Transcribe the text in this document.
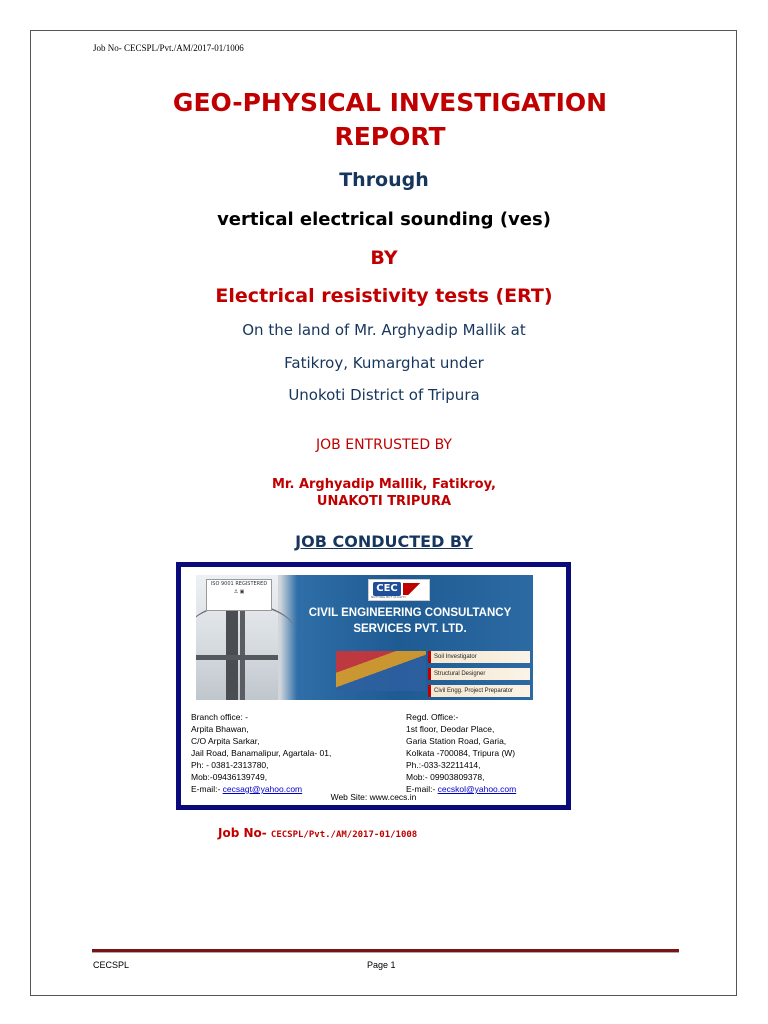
Job No- CECSPL/Pvt./AM/2017-01/1006
GEO-PHYSICAL INVESTIGATION
REPORT
Through
vertical electrical sounding (ves)
BY
Electrical resistivity tests (ERT)
On the land of Mr. Arghyadip Mallik at
Fatikroy, Kumarghat under
Unokoti District of Tripura
JOB ENTRUSTED BY
Mr. Arghyadip Mallik, Fatikroy,
UNAKOTI TRIPURA
JOB CONDUCTED BY
ISO 9001 REGISTERED
⚓ ▣	CEC
NOTHING BUT QUALITY
CIVIL ENGINEERING CONSULTANCY
SERVICES PVT. LTD.
Soil Investigator
Structural Designer
Civil Engg. Project Preparator
Branch office: -
Arpita Bhawan,
C/O Arpita Sarkar,
Jail Road, Banamalipur, Agartala- 01,
Ph: - 0381-2313780,
Mob:-09436139749,
E-mail:- cecsagt@yahoo.com
Regd. Office:-
1st floor, Deodar Place,
Garia Station Road, Garia,
Kolkata -700084, Tripura (W)
Ph.:-033-32211414,
Mob:- 09903809378,
E-mail:- cecskol@yahoo.com
Web Site: www.cecs.in
Job No- CECSPL/Pvt./AM/2017-01/1008
CECSPL	Page 1
